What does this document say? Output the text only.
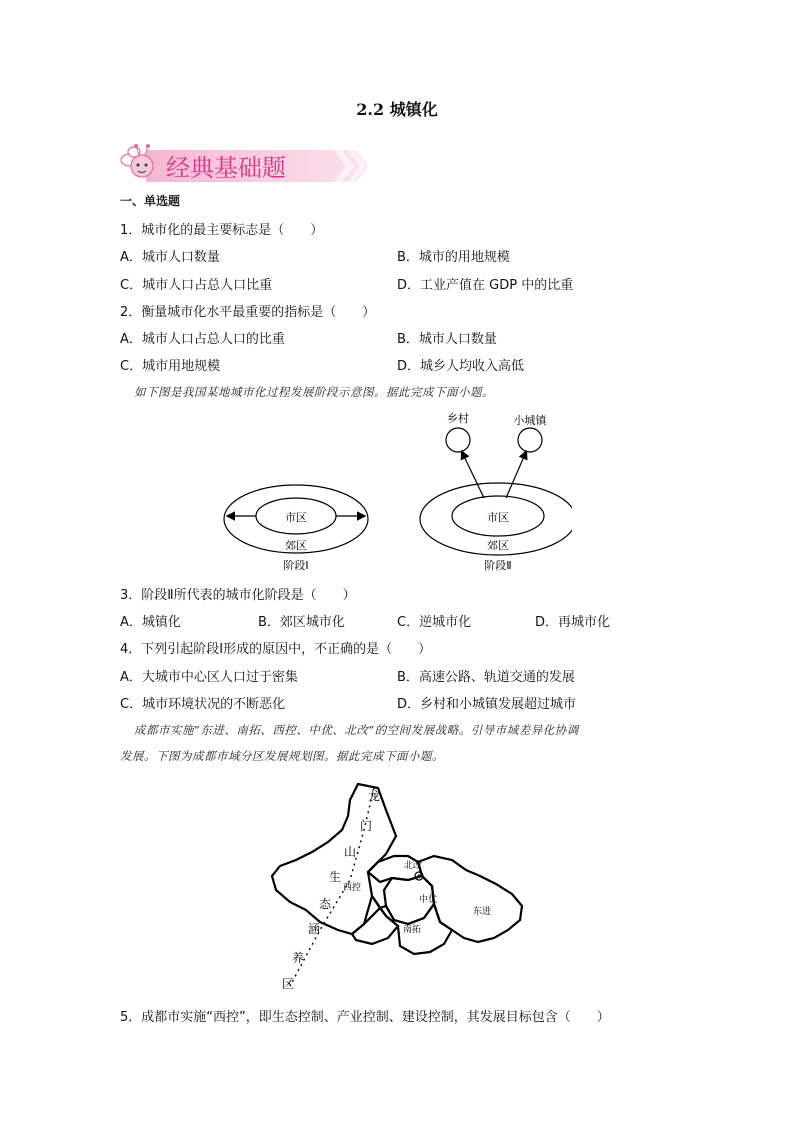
2.2 城镇化
经典基础题
一、单选题
1．城市化的最主要标志是（　　）
A．城市人口数量	B．城市的用地规模
C．城市人口占总人口比重	D．工业产值在 GDP 中的比重
2．衡量城市化水平最重要的指标是（　　）
A．城市人口占总人口的比重	B．城市人口数量
C．城市用地规模	D．城乡人均收入高低
如下图是我国某地城市化过程发展阶段示意图。据此完成下面小题。
市区
郊区
阶段Ⅰ
乡村	小城镇
市区
郊区
阶段Ⅱ
3．阶段Ⅱ所代表的城市化阶段是（　　）
A．城镇化	B．郊区城市化	C．逆城市化	D．再城市化
4．下列引起阶段Ⅰ形成的原因中，不正确的是（　　）
A．大城市中心区人口过于密集	B．高速公路、轨道交通的发展
C．城市环境状况的不断恶化	D．乡村和小城镇发展超过城市
成都市实施“东进、南拓、西控、中优、北改”的空间发展战略。引导市域差异化协调
发展。下图为成都市域分区发展规划图。据此完成下面小题。
龙
门
山
生
态
涵
养
区
西控
北改
中优
南拓
东进
5．成都市实施“西控”，即生态控制、产业控制、建设控制，其发展目标包含（　　）
